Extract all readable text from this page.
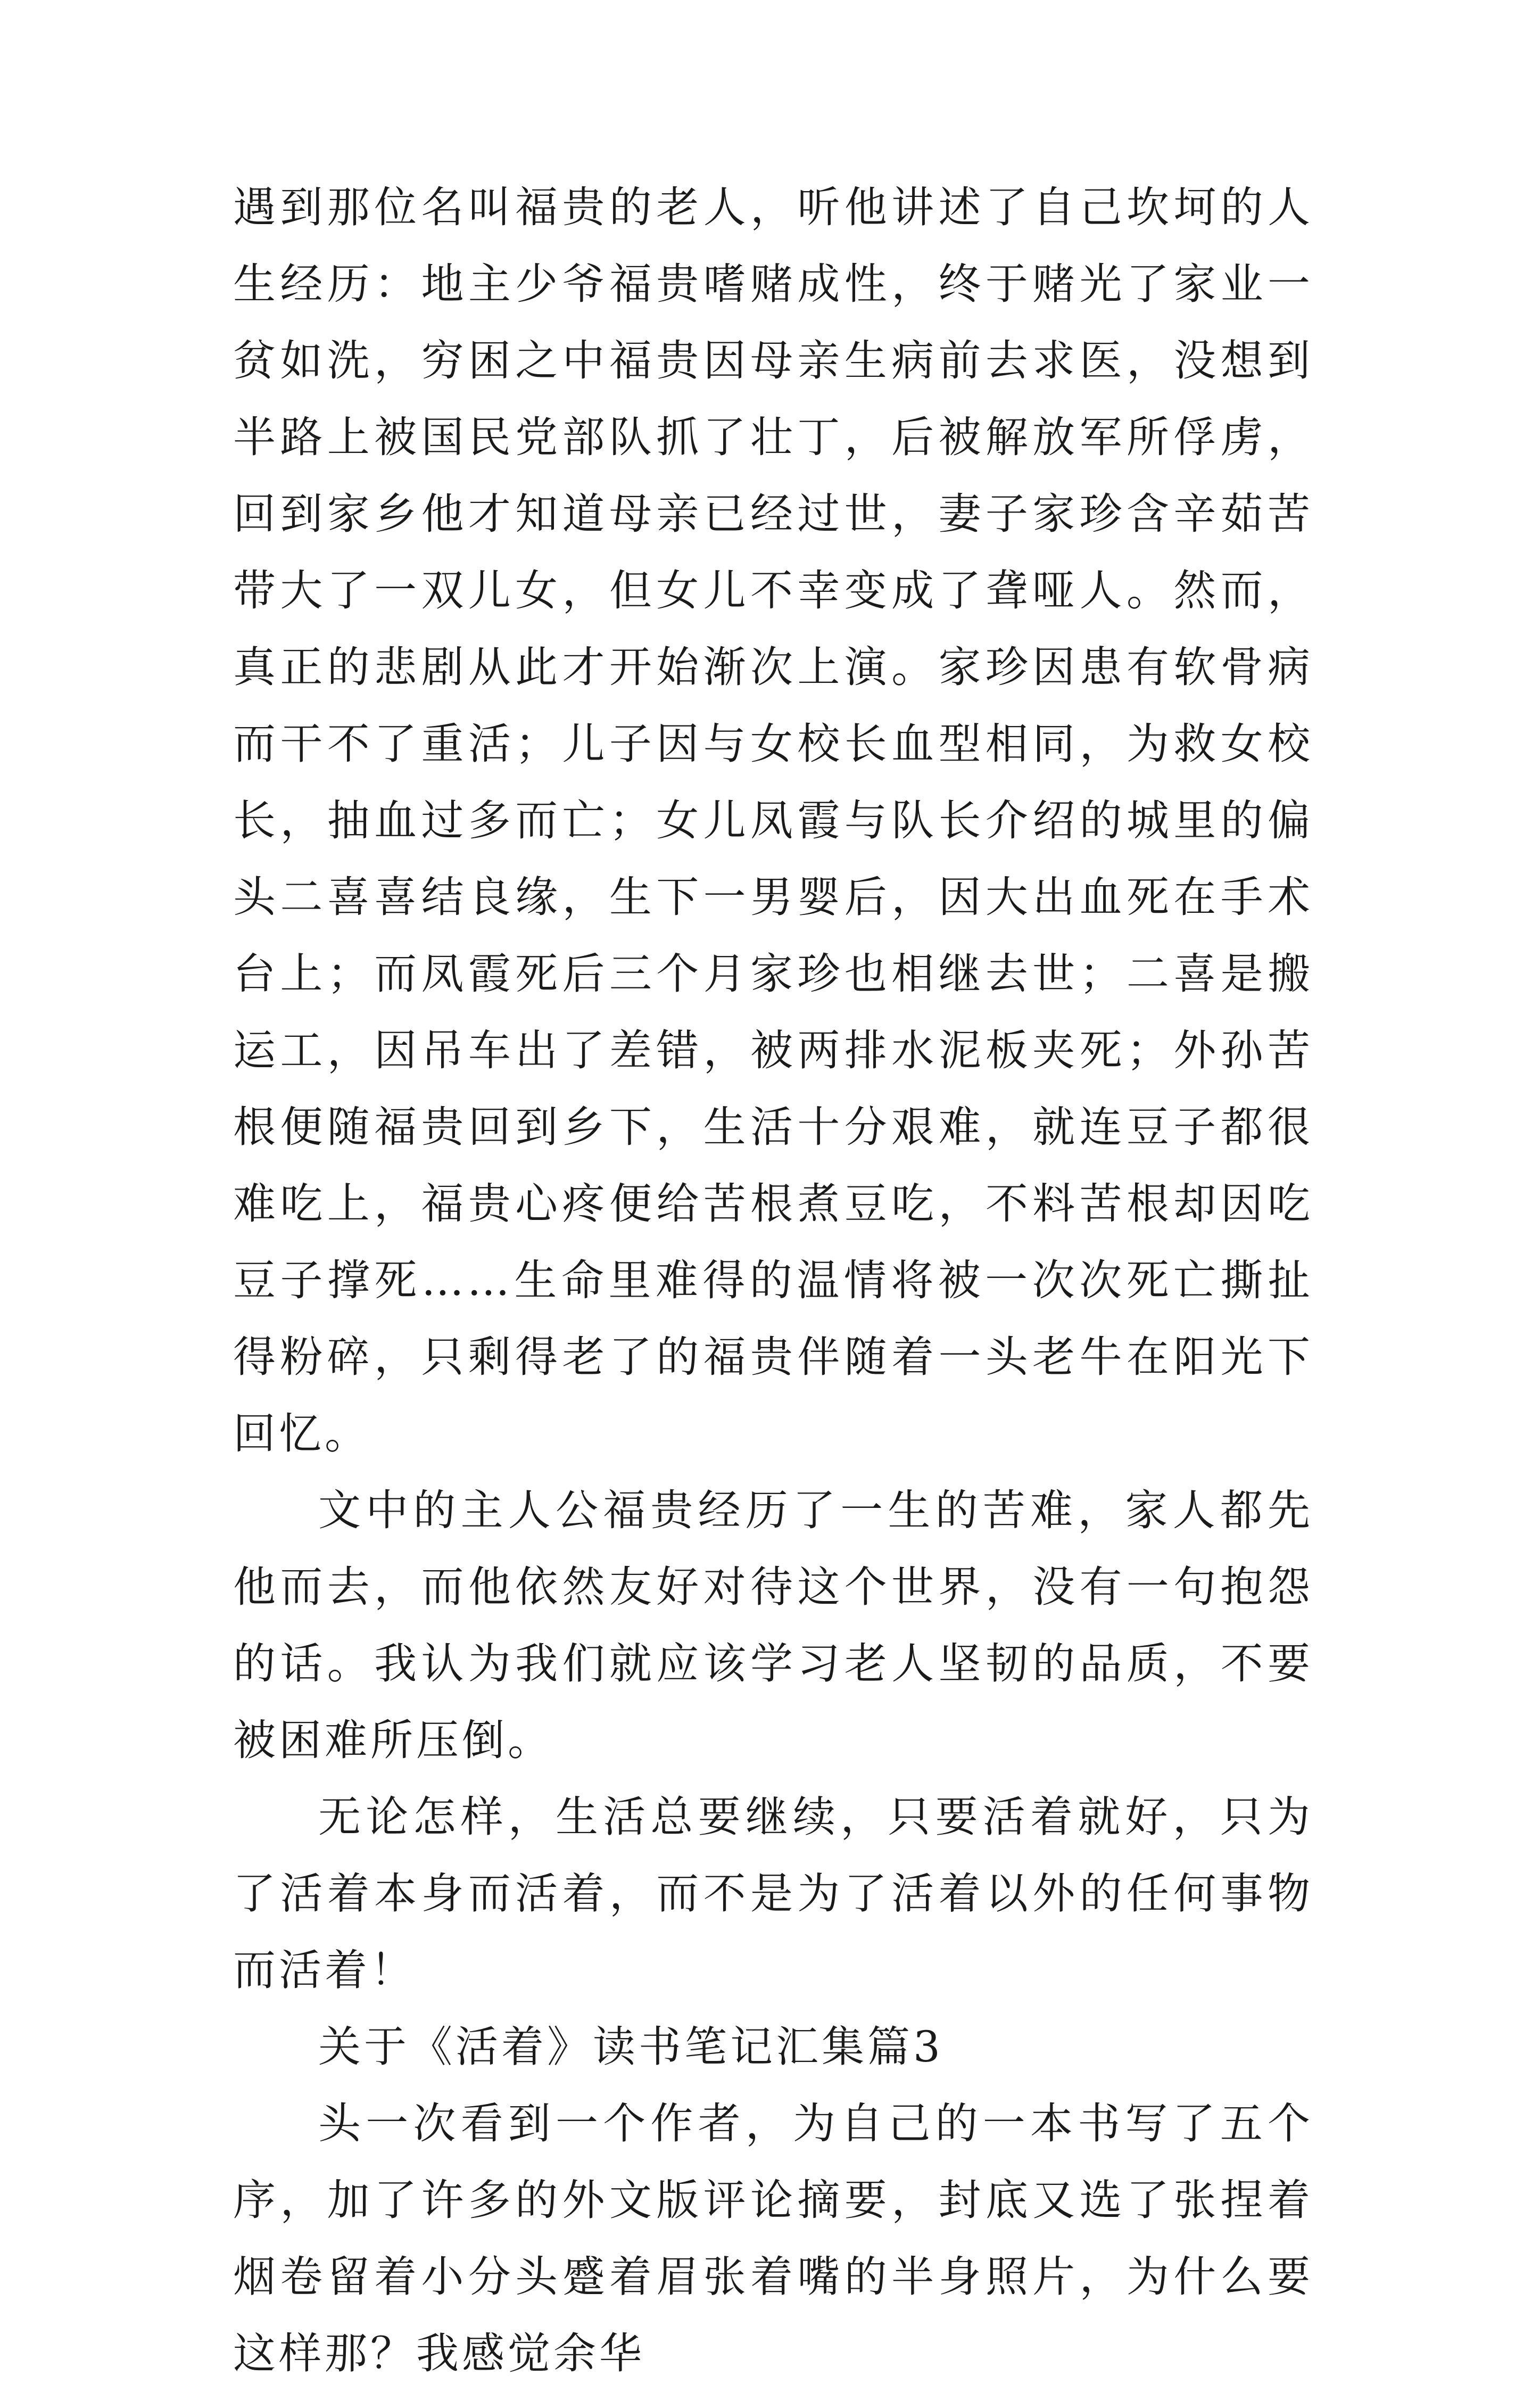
遇到那位名叫福贵的老人，听他讲述了自己坎坷的人生经历：地主少爷福贵嗜赌成性，终于赌光了家业一贫如洗，穷困之中福贵因母亲生病前去求医，没想到半路上被国民党部队抓了壮丁，后被解放军所俘虏，回到家乡他才知道母亲已经过世，妻子家珍含辛茹苦带大了一双儿女，但女儿不幸变成了聋哑人。然而，真正的悲剧从此才开始渐次上演。家珍因患有软骨病而干不了重活；儿子因与女校长血型相同，为救女校长，抽血过多而亡；女儿凤霞与队长介绍的城里的偏头二喜喜结良缘，生下一男婴后，因大出血死在手术台上；而凤霞死后三个月家珍也相继去世；二喜是搬运工，因吊车出了差错，被两排水泥板夹死；外孙苦根便随福贵回到乡下，生活十分艰难，就连豆子都很难吃上，福贵心疼便给苦根煮豆吃，不料苦根却因吃豆子撑死……生命里难得的温情将被一次次死亡撕扯得粉碎，只剩得老了的福贵伴随着一头老牛在阳光下回忆。

文中的主人公福贵经历了一生的苦难，家人都先他而去，而他依然友好对待这个世界，没有一句抱怨的话。我认为我们就应该学习老人坚韧的品质，不要被困难所压倒。

无论怎样，生活总要继续，只要活着就好，只为了活着本身而活着，而不是为了活着以外的任何事物而活着！

关于《活着》读书笔记汇集篇3

头一次看到一个作者，为自己的一本书写了五个序，加了许多的外文版评论摘要，封底又选了张捏着烟卷留着小分头蹙着眉张着嘴的半身照片，为什么要这样那？我感觉余华
